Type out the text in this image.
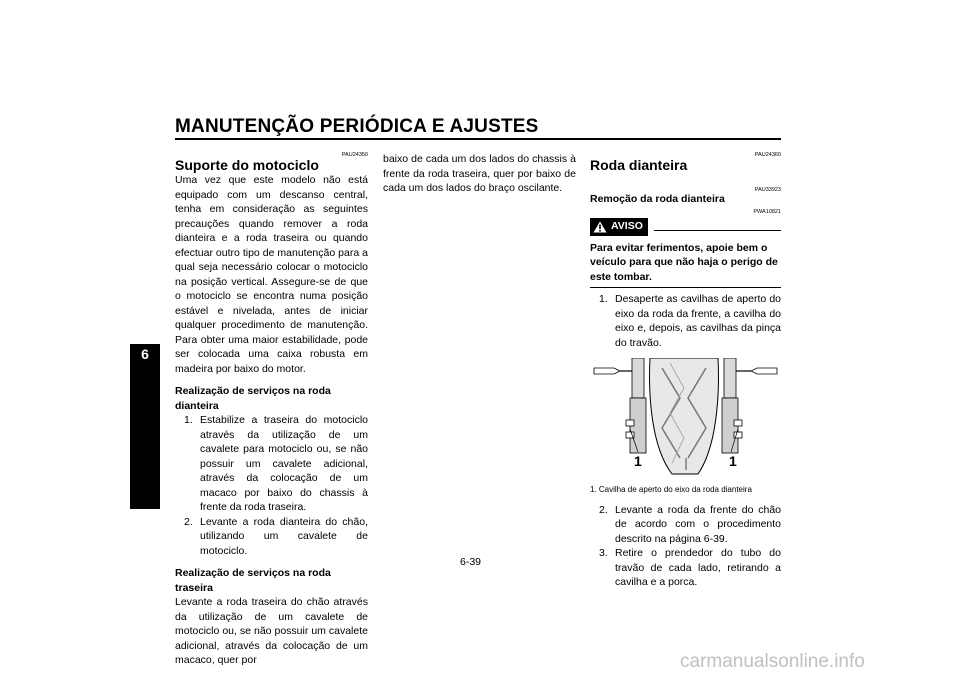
MANUTENÇÃO PERIÓDICA E AJUSTES
6
PAU24350
Suporte do motociclo

Uma vez que este modelo não está equipado com um descanso central, tenha em consideração as seguintes precauções quando remover a roda dianteira e a roda traseira ou quando efectuar outro tipo de manutenção para a qual seja necessário colocar o motociclo na posição vertical. Assegure-se de que o motociclo se encontra numa posição estável e nivelada, antes de iniciar qualquer procedimento de manutenção. Para obter uma maior estabilidade, pode ser colocada uma caixa robusta em madeira por baixo do motor.

Realização de serviços na roda dianteira
1. Estabilize a traseira do motociclo através da utilização de um cavalete para motociclo ou, se não possuir um cavalete adicional, através da colocação de um macaco por baixo do chassis à frente da roda traseira.
2. Levante a roda dianteira do chão, utilizando um cavalete de motociclo.
Realização de serviços na roda traseira

Levante a roda traseira do chão através da utilização de um cavalete de motociclo ou, se não possuir um cavalete adicional, através da colocação de um macaco, quer por

baixo de cada um dos lados do chassis à frente da roda traseira, quer por baixo de cada um dos lados do braço oscilante.

PAU24360
Roda dianteira
PAU33923
Remoção da roda dianteira
PWA10821
AVISO
Para evitar ferimentos, apoie bem o veículo para que não haja o perigo de este tombar.
1. Desaperte as cavilhas de aperto do eixo da roda da frente, a cavilha do eixo e, depois, as cavilhas da pinça do travão.
1	1
1. Cavilha de aperto do eixo da roda dianteira
2. Levante a roda da frente do chão de acordo com o procedimento descrito na página 6-39.
3. Retire o prendedor do tubo do travão de cada lado, retirando a cavilha e a porca.
6-39
carmanualsonline.info
